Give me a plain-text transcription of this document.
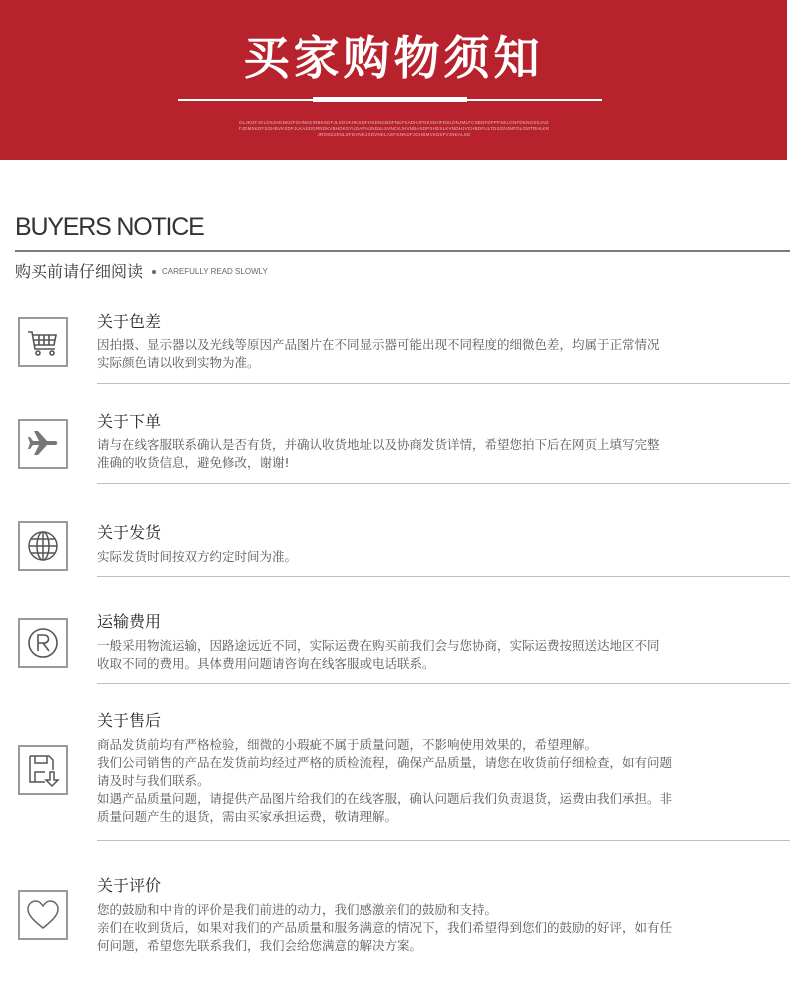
买家购物须知
DLJKDFJGLDSJHGDKDFGHNKEIRBKSDFJLSDVKHKSDFHSDNGBDFNKFSADHJFNKSDHFDSLDNJMLFCSBDFDFPPSELGNFDKNGSSJADFJDMSKDFSGHBVKSDFJLKASDGRNDKVBHDKSYUDAFHJNDSLSVNCKJHVNBASDPSHDSLKVNDHJVCHBDFULTDSGNJMFDLGMTRHLKRJROSDJSNLSFDVNKJXDVNKLASFGNKDFJGHBMVKDSFVJNKALSD
BUYERS NOTICE
购买前请仔细阅读 CAREFULLY READ SLOWLY
关于色差
因拍摄、显示器以及光线等原因产品图片在不同显示器可能出现不同程度的细微色差，均属于正常情况
实际颜色请以收到实物为准。
关于下单
请与在线客服联系确认是否有货，并确认收货地址以及协商发货详情，希望您拍下后在网页上填写完整
准确的收货信息，避免修改，谢谢!
关于发货
实际发货时间按双方约定时间为准。
运输费用
一般采用物流运输，因路途远近不同，实际运费在购买前我们会与您协商，实际运费按照送达地区不同
收取不同的费用。具体费用问题请咨询在线客服或电话联系。
关于售后
商品发货前均有严格检验，细微的小瑕疵不属于质量问题，不影响使用效果的，希望理解。
我们公司销售的产品在发货前均经过严格的质检流程，确保产品质量，请您在收货前仔细检查，如有问题
请及时与我们联系。
如遇产品质量问题，请提供产品图片给我们的在线客服，确认问题后我们负责退货，运费由我们承担。非
质量问题产生的退货，需由买家承担运费，敬请理解。
关于评价
您的鼓励和中肯的评价是我们前进的动力，我们感激亲们的鼓励和支持。
亲们在收到货后，如果对我们的产品质量和服务满意的情况下，我们希望得到您们的鼓励的好评，如有任
何问题，希望您先联系我们，我们会给您满意的解决方案。
